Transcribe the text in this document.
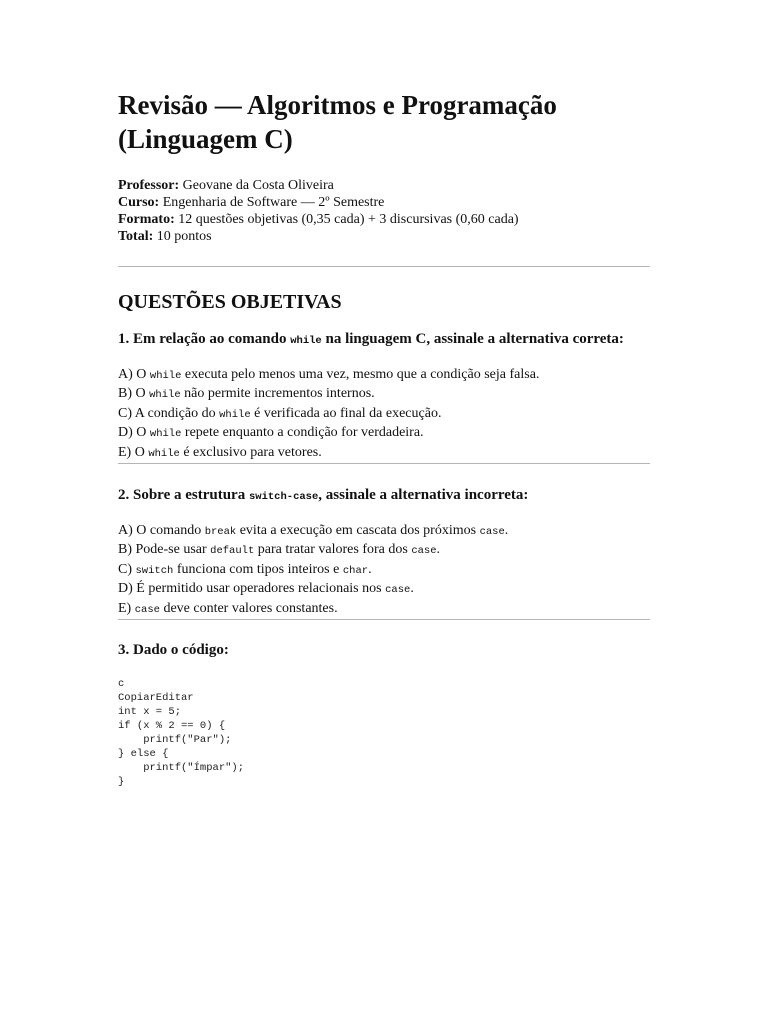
Revisão — Algoritmos e Programação (Linguagem C)
Professor: Geovane da Costa Oliveira
Curso: Engenharia de Software — 2º Semestre
Formato: 12 questões objetivas (0,35 cada) + 3 discursivas (0,60 cada)
Total: 10 pontos
QUESTÕES OBJETIVAS

1. Em relação ao comando while na linguagem C, assinale a alternativa correta:

A) O while executa pelo menos uma vez, mesmo que a condição seja falsa.
B) O while não permite incrementos internos.
C) A condição do while é verificada ao final da execução.
D) O while repete enquanto a condição for verdadeira.
E) O while é exclusivo para vetores.

2. Sobre a estrutura switch-case, assinale a alternativa incorreta:

A) O comando break evita a execução em cascata dos próximos case.
B) Pode-se usar default para tratar valores fora dos case.
C) switch funciona com tipos inteiros e char.
D) É permitido usar operadores relacionais nos case.
E) case deve conter valores constantes.

3. Dado o código:

c
CopiarEditar
int x = 5;
if (x % 2 == 0) {
printf("Par");
} else {
printf("Ímpar");
}
